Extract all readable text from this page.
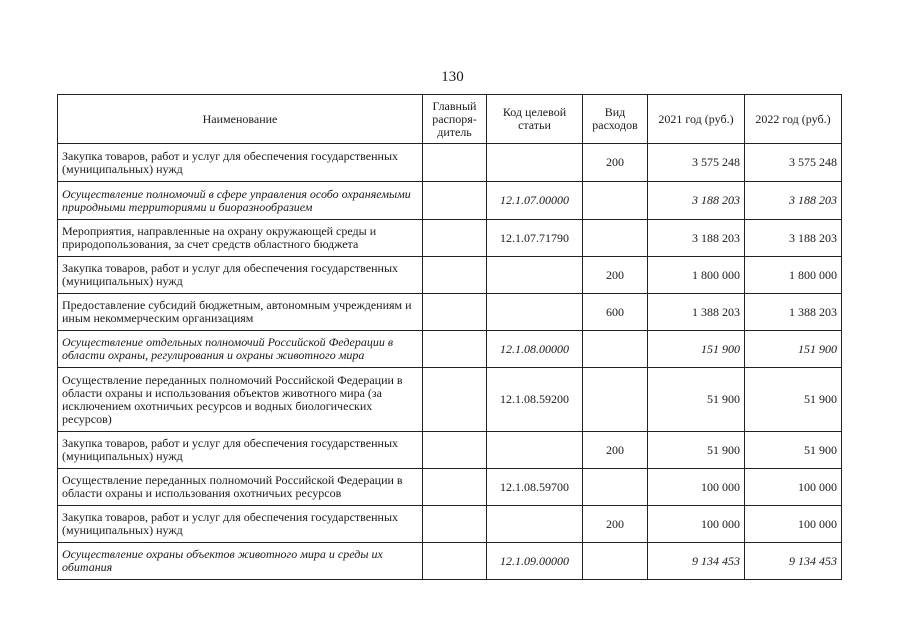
130
Наименование	Главный распоря-дитель	Код целевой статьи	Вид расходов	2021 год (руб.)	2022 год (руб.)
Закупка товаров, работ и услуг для обеспечения государственных (муниципальных) нужд			200	3 575 248	3 575 248
Осуществление полномочий в сфере управления особо охраняемыми природными территориями и биоразнообразием		12.1.07.00000		3 188 203	3 188 203
Мероприятия, направленные на охрану окружающей среды и природопользования, за счет средств областного бюджета		12.1.07.71790		3 188 203	3 188 203
Закупка товаров, работ и услуг для обеспечения государственных (муниципальных) нужд			200	1 800 000	1 800 000
Предоставление субсидий бюджетным, автономным учреждениям и иным некоммерческим организациям			600	1 388 203	1 388 203
Осуществление отдельных полномочий Российской Федерации в области охраны, регулирования и охраны животного мира		12.1.08.00000		151 900	151 900
Осуществление переданных полномочий Российской Федерации в области охраны и использования объектов животного мира (за исключением охотничьих ресурсов и водных биологических ресурсов)		12.1.08.59200		51 900	51 900
Закупка товаров, работ и услуг для обеспечения государственных (муниципальных) нужд			200	51 900	51 900
Осуществление переданных полномочий Российской Федерации в области охраны и использования охотничьих ресурсов		12.1.08.59700		100 000	100 000
Закупка товаров, работ и услуг для обеспечения государственных (муниципальных) нужд			200	100 000	100 000
Осуществление охраны объектов животного мира и среды их обитания		12.1.09.00000		9 134 453	9 134 453
